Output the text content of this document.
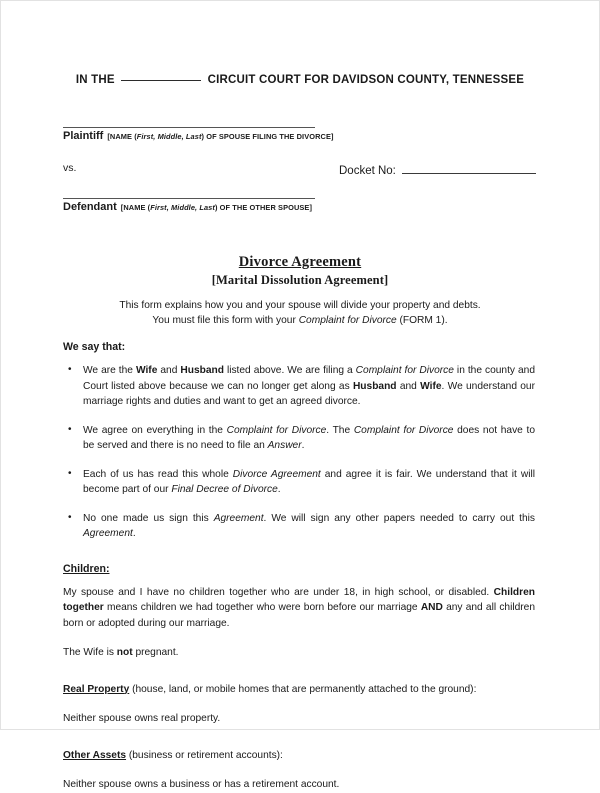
IN THE	CIRCUIT COURT FOR DAVIDSON COUNTY, TENNESSEE
Plaintiff [NAME (First, Middle, Last) OF SPOUSE FILING THE DIVORCE]
vs.	Docket No:
Defendant [NAME (First, Middle, Last) OF THE OTHER SPOUSE]
Divorce Agreement
[Marital Dissolution Agreement]
This form explains how you and your spouse will divide your property and debts.
You must file this form with your Complaint for Divorce (FORM 1).
We say that:
• We are the Wife and Husband listed above. We are filing a Complaint for Divorce in the county and Court listed above because we can no longer get along as Husband and Wife. We understand our marriage rights and duties and want to get an agreed divorce.
• We agree on everything in the Complaint for Divorce. The Complaint for Divorce does not have to be served and there is no need to file an Answer.
• Each of us has read this whole Divorce Agreement and agree it is fair. We understand that it will become part of our Final Decree of Divorce.
• No one made us sign this Agreement. We will sign any other papers needed to carry out this Agreement.
Children:

My spouse and I have no children together who are under 18, in high school, or disabled. Children together means children we had together who were born before our marriage AND any and all children born or adopted during our marriage.

The Wife is not pregnant.

Real Property (house, land, or mobile homes that are permanently attached to the ground):

Neither spouse owns real property.

Other Assets (business or retirement accounts):

Neither spouse owns a business or has a retirement account.
